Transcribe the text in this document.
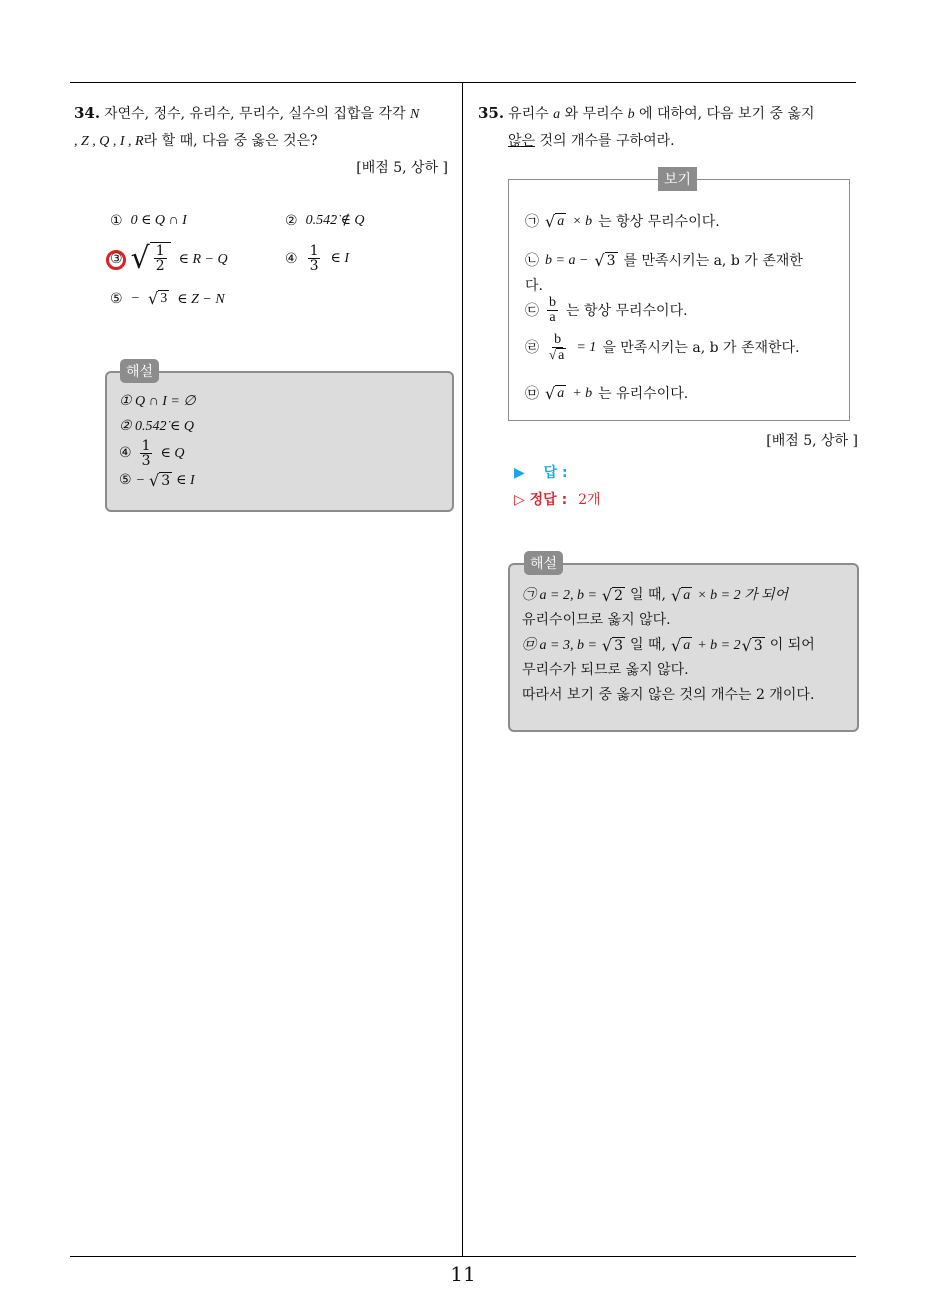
34. 자연수, 정수, 유리수, 무리수, 실수의 집합을 각각 N
, Z , Q , I , R라 할 때, 다음 중 옳은 것은?
[배점 5, 상하 ]
① 0 ∈ Q ∩ I	② 0.54̇2̇ ∉ Q
③ √ $\frac{1}{2}$ ∈ R − Q	④ $\frac{1}{3}$ ∈ I
⑤ − √ 3 ∈ Z − N
① Q ∩ I = ∅
② 0.54̇2̇ ∈ Q
④ $\frac{1}{3}$ ∈ Q
⑤ − √ 3 ∈ I
해설
35. 유리수 a 와 무리수 b 에 대하여, 다음 보기 중 옳지
않은 것의 개수를 구하여라.
㉠ √ a × b 는 항상 무리수이다.
㉡ b = a − √ 3 를 만족시키는 a, b 가 존재한
다.
㉢ $\frac{b}{a}$ 는 항상 무리수이다.
㉣ $\frac{b}{√ a} = 1$ 을 만족시키는 a, b 가 존재한다.
㉤ √ a + b 는 유리수이다.
보기
[배점 5, 상하 ]
▶ 답 :
▷ 정답 : 2개
㉠ a = 2, b = √ 2 일 때, √ a × b = 2 가 되어
유리수이므로 옳지 않다.
㉤ a = 3, b = √ 3 일 때, √ a + b = 2 √ 3 이 되어
무리수가 되므로 옳지 않다.
따라서 보기 중 옳지 않은 것의 개수는 2 개이다.
해설
11
